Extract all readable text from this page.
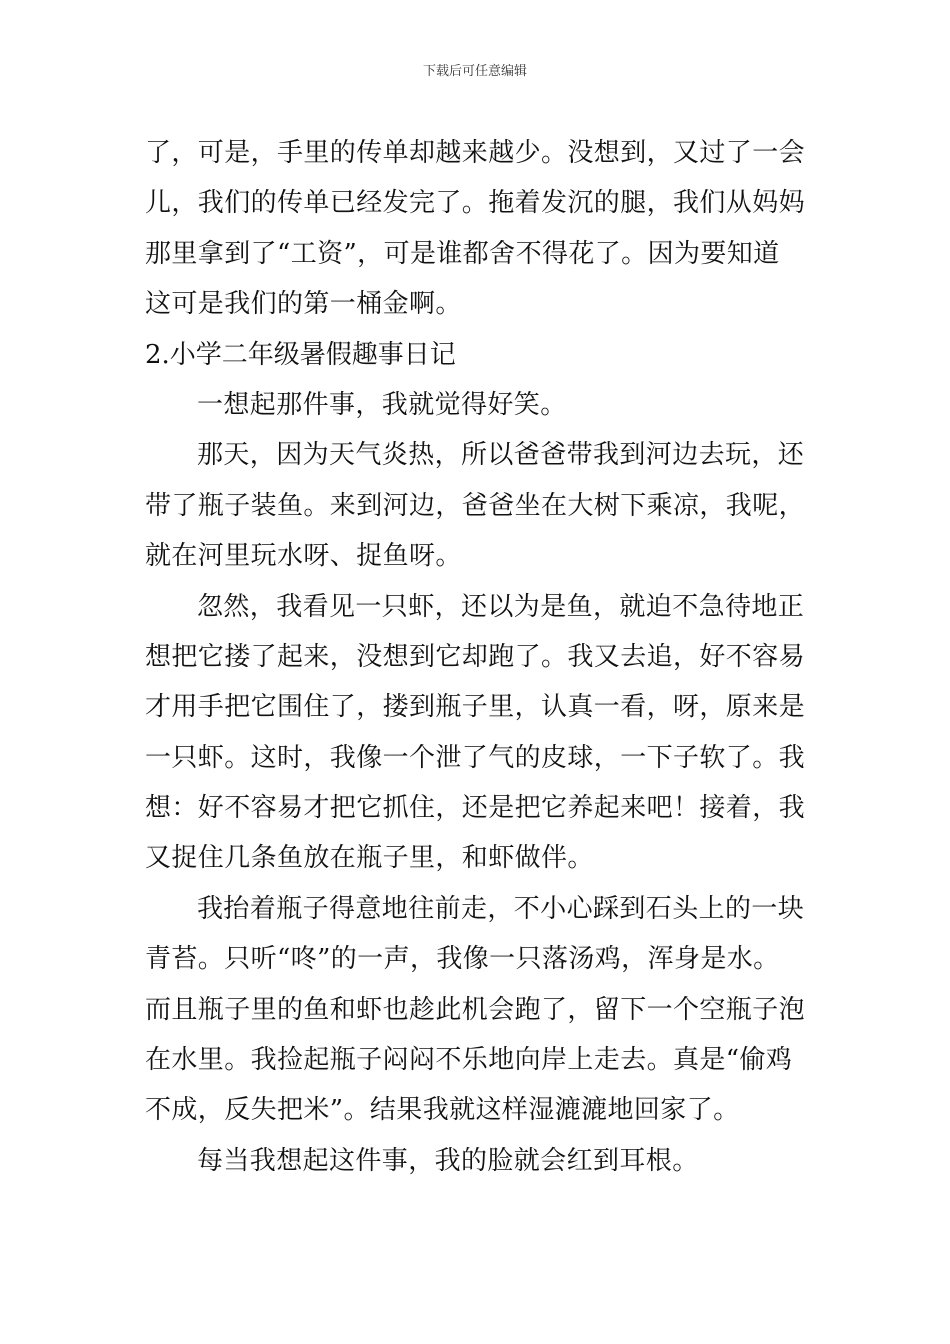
下载后可任意编辑
了，可是，手里的传单却越来越少。没想到，又过了一会
儿，我们的传单已经发完了。拖着发沉的腿，我们从妈妈
那里拿到了“工资”，可是谁都舍不得花了。因为要知道
这可是我们的第一桶金啊。
2.小学二年级暑假趣事日记
一想起那件事，我就觉得好笑。
那天，因为天气炎热，所以爸爸带我到河边去玩，还
带了瓶子装鱼。来到河边，爸爸坐在大树下乘凉，我呢，
就在河里玩水呀、捉鱼呀。
忽然，我看见一只虾，还以为是鱼，就迫不急待地正
想把它搂了起来，没想到它却跑了。我又去追，好不容易
才用手把它围住了，搂到瓶子里，认真一看，呀，原来是
一只虾。这时，我像一个泄了气的皮球，一下子软了。我
想：好不容易才把它抓住，还是把它养起来吧！接着，我
又捉住几条鱼放在瓶子里，和虾做伴。
我抬着瓶子得意地往前走，不小心踩到石头上的一块
青苔。只听“咚”的一声，我像一只落汤鸡，浑身是水。
而且瓶子里的鱼和虾也趁此机会跑了，留下一个空瓶子泡
在水里。我捡起瓶子闷闷不乐地向岸上走去。真是“偷鸡
不成，反失把米”。结果我就这样湿漉漉地回家了。
每当我想起这件事，我的脸就会红到耳根。
